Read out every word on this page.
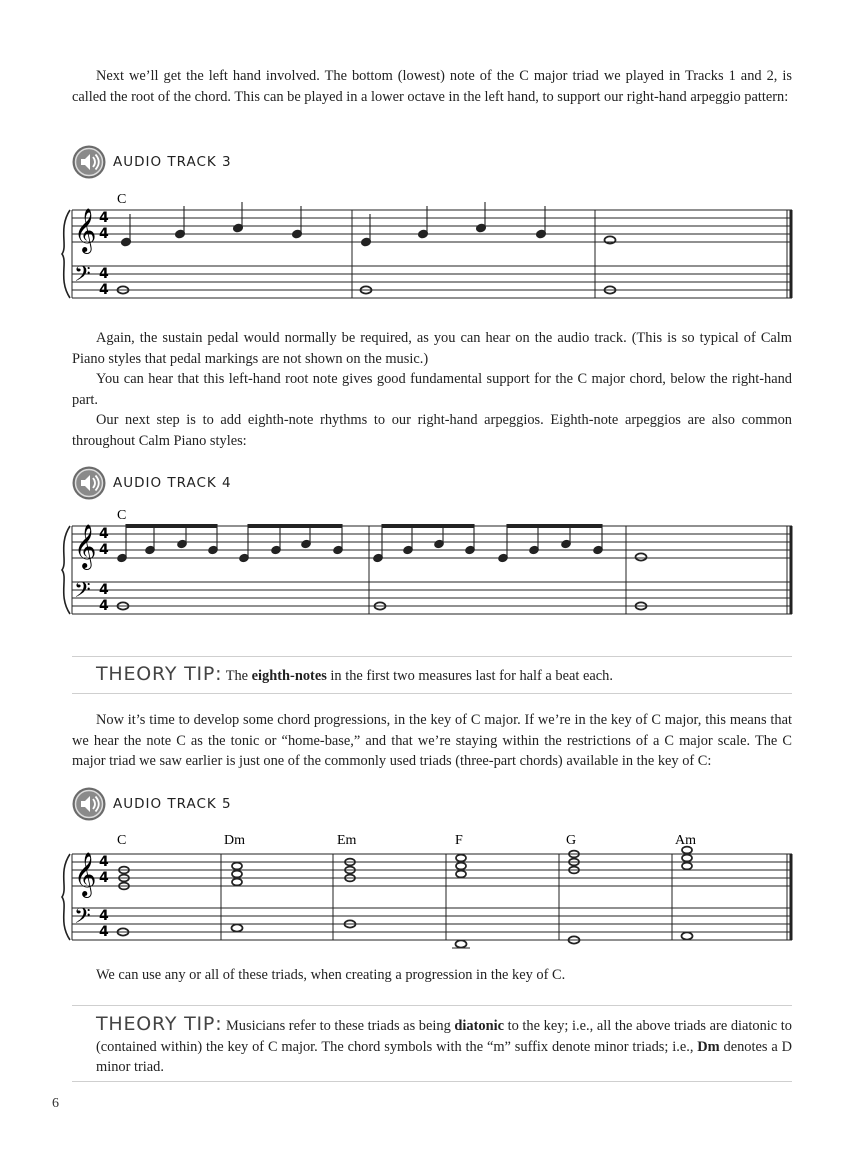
Next we’ll get the left hand involved. The bottom (lowest) note of the C major triad we played in Tracks 1 and 2, is called the root of the chord. This can be played in a lower octave in the left hand, to support our right-hand arpeggio pattern:

AUDIO TRACK 3
C
𝄞
𝄢
4
4
4
4

Again, the sustain pedal would normally be required, as you can hear on the audio track. (This is so typical of Calm Piano styles that pedal markings are not shown on the music.)

You can hear that this left-hand root note gives good fundamental support for the C major chord, below the right-hand part.

Our next step is to add eighth-note rhythms to our right-hand arpeggios. Eighth-note arpeggios are also common throughout Calm Piano styles:

AUDIO TRACK 4
C
𝄞
𝄢
4
4
4
4
THEORY TIP: The eighth-notes in the first two measures last for half a beat each.

Now it’s time to develop some chord progressions, in the key of C major. If we’re in the key of C major, this means that we hear the note C as the tonic or “home-base,” and that we’re staying within the restrictions of a C major scale. The C major triad we saw earlier is just one of the commonly used triads (three-part chords) available in the key of C:

AUDIO TRACK 5
C	Dm	Em	F	G	Am
𝄞
𝄢
4
4
4
4

We can use any or all of these triads, when creating a progression in the key of C.

THEORY TIP: Musicians refer to these triads as being diatonic to the key; i.e., all the above triads are diatonic to (contained within) the key of C major. The chord symbols with the “m” suffix denote minor triads; i.e., Dm denotes a D minor triad.
6
